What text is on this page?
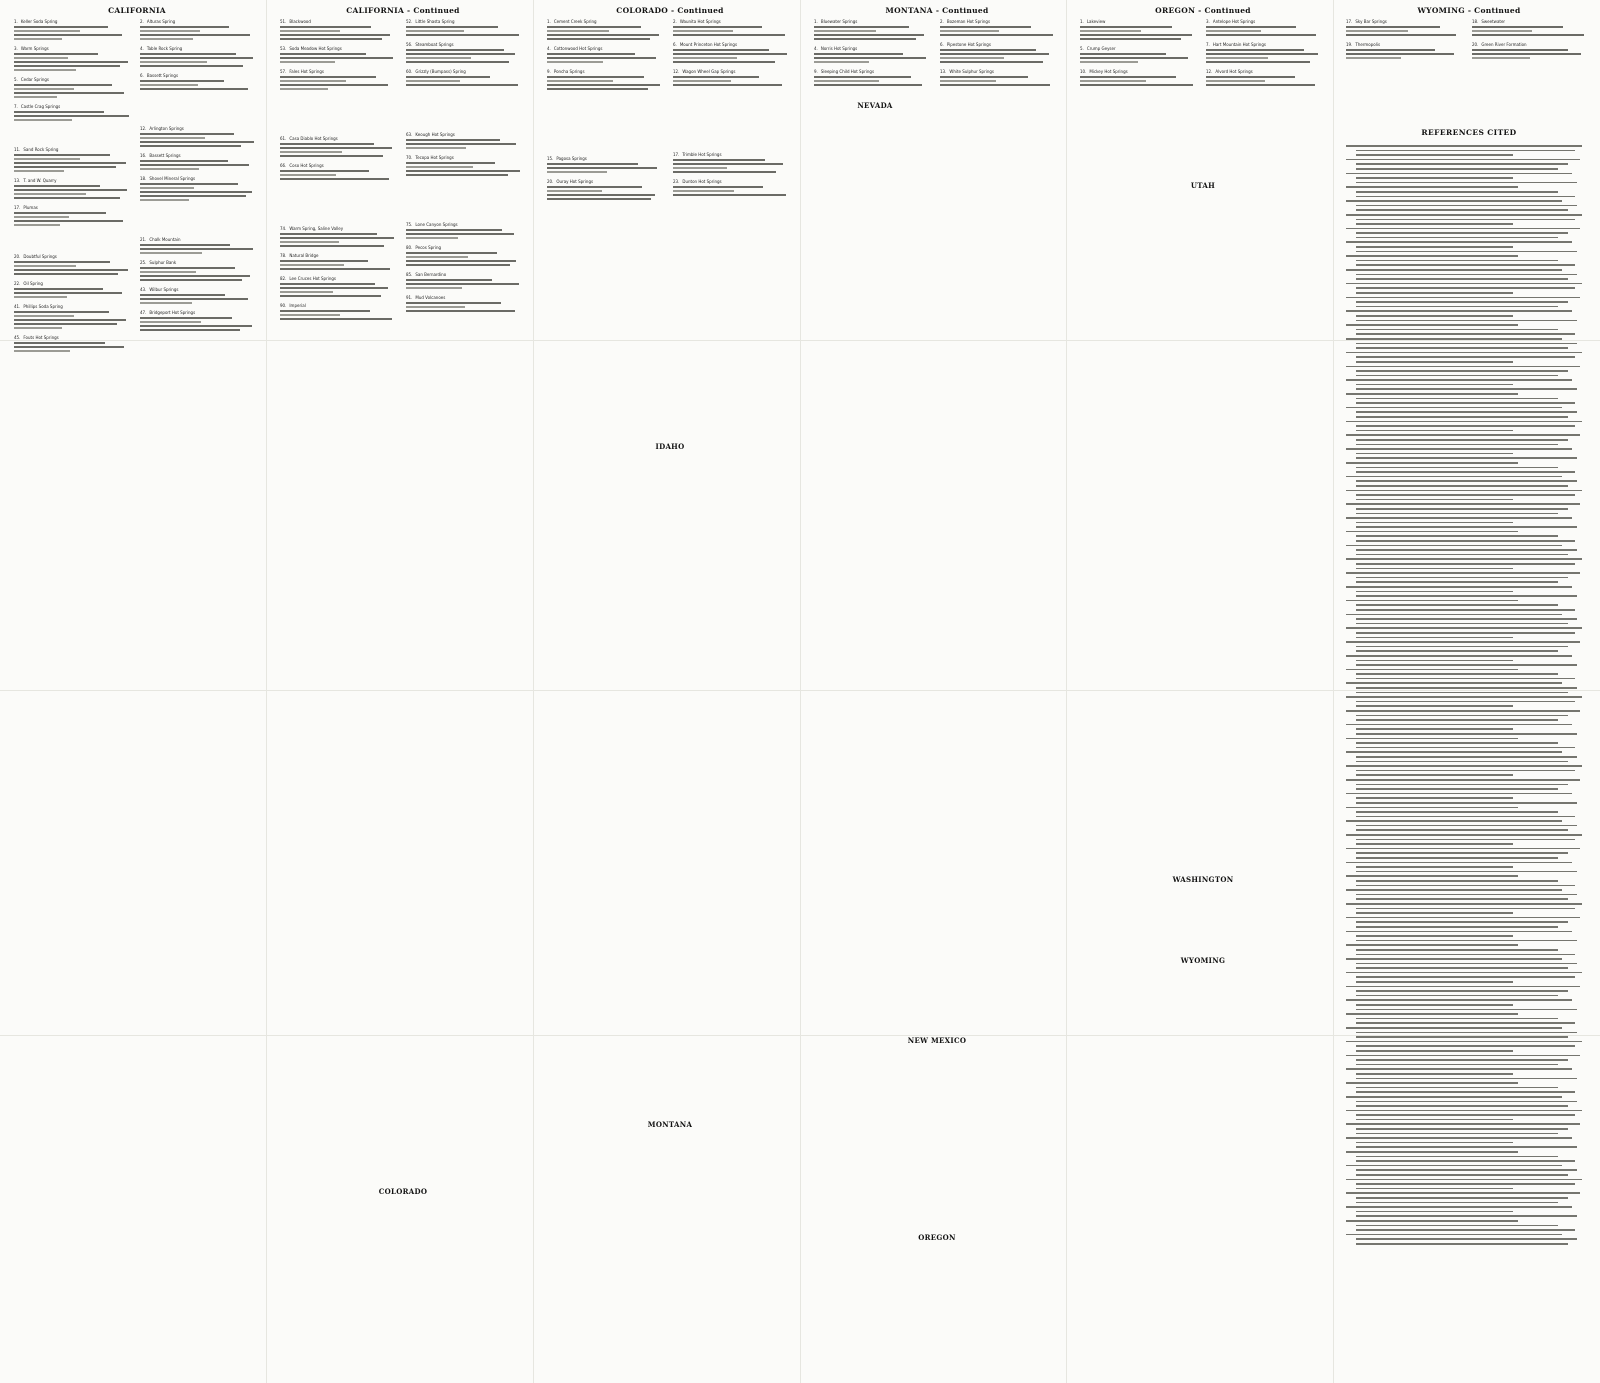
CALIFORNIA
1. Keller Soda Spring
3. Warm Springs
5. Cedar Springs
7. Castle Crag Springs
11. Sand Rock Spring
13. T. and W. Quarry
17. Plumas
20. Doubtful Springs
22. Oil Spring
41. Phillips Soda Spring
45. Fouts Hot Springs
2. Alturas Spring
4. Table Rock Spring
6. Bassett Springs
12. Arlington Springs
16. Bassett Springs
18. Shovel Mineral Springs
21. Chalk Mountain
25. Sulphur Bank
43. Wilbur Springs
47. Bridgeport Hot Springs
CALIFORNIA - Continued
51. Blackwood
53. Soda Meadow Hot Springs
57. Fales Hot Springs
61. Casa Diablo Hot Springs
66. Coso Hot Springs
74. Warm Spring, Saline Valley
78. Natural Bridge
82. Lee Cruces Hot Springs
90. Imperial
52. Little Shasta Spring
56. Steamboat Springs
60. Grizzly (Bumpass) Spring
63. Keough Hot Springs
70. Tecopa Hot Springs
75. Lone Canyon Springs
80. Pecos Spring
85. San Bernardino
91. Mud Volcanoes
COLORADO - Continued
1. Cement Creek Spring
4. Cottonwood Hot Springs
9. Poncha Springs
15. Pagosa Springs
20. Ouray Hot Springs
2. Waunita Hot Springs
6. Mount Princeton Hot Springs
12. Wagon Wheel Gap Springs
17. Trimble Hot Springs
23. Dunton Hot Springs
MONTANA - Continued
1. Bluewater Springs
4. Norris Hot Springs
9. Sleeping Child Hot Springs
2. Bozeman Hot Springs
6. Pipestone Hot Springs
13. White Sulphur Springs
OREGON - Continued
1. Lakeview
5. Crump Geyser
10. Mickey Hot Springs
3. Antelope Hot Springs
7. Hart Mountain Hot Springs
12. Alvord Hot Springs
WYOMING - Continued
17. Sky Bar Springs
19. Thermopolis
18. Sweetwater
20. Green River Formation
REFERENCES CITED
NEVADA
UTAH
IDAHO
WASHINGTON
WYOMING
NEW MEXICO
MONTANA
COLORADO
OREGON
